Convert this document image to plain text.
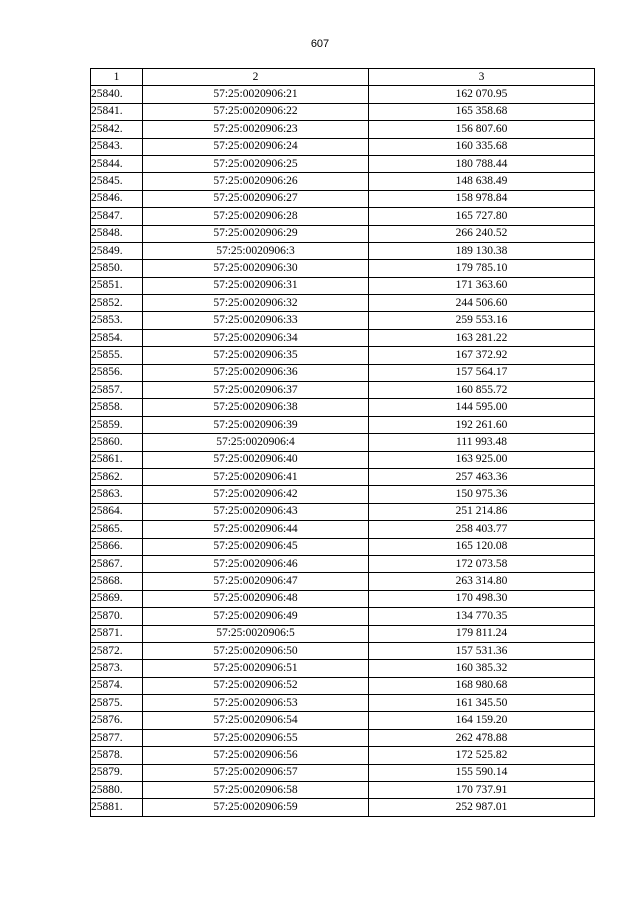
607
1	2	3
25840.	57:25:0020906:21	162 070.95
25841.	57:25:0020906:22	165 358.68
25842.	57:25:0020906:23	156 807.60
25843.	57:25:0020906:24	160 335.68
25844.	57:25:0020906:25	180 788.44
25845.	57:25:0020906:26	148 638.49
25846.	57:25:0020906:27	158 978.84
25847.	57:25:0020906:28	165 727.80
25848.	57:25:0020906:29	266 240.52
25849.	57:25:0020906:3	189 130.38
25850.	57:25:0020906:30	179 785.10
25851.	57:25:0020906:31	171 363.60
25852.	57:25:0020906:32	244 506.60
25853.	57:25:0020906:33	259 553.16
25854.	57:25:0020906:34	163 281.22
25855.	57:25:0020906:35	167 372.92
25856.	57:25:0020906:36	157 564.17
25857.	57:25:0020906:37	160 855.72
25858.	57:25:0020906:38	144 595.00
25859.	57:25:0020906:39	192 261.60
25860.	57:25:0020906:4	111 993.48
25861.	57:25:0020906:40	163 925.00
25862.	57:25:0020906:41	257 463.36
25863.	57:25:0020906:42	150 975.36
25864.	57:25:0020906:43	251 214.86
25865.	57:25:0020906:44	258 403.77
25866.	57:25:0020906:45	165 120.08
25867.	57:25:0020906:46	172 073.58
25868.	57:25:0020906:47	263 314.80
25869.	57:25:0020906:48	170 498.30
25870.	57:25:0020906:49	134 770.35
25871.	57:25:0020906:5	179 811.24
25872.	57:25:0020906:50	157 531.36
25873.	57:25:0020906:51	160 385.32
25874.	57:25:0020906:52	168 980.68
25875.	57:25:0020906:53	161 345.50
25876.	57:25:0020906:54	164 159.20
25877.	57:25:0020906:55	262 478.88
25878.	57:25:0020906:56	172 525.82
25879.	57:25:0020906:57	155 590.14
25880.	57:25:0020906:58	170 737.91
25881.	57:25:0020906:59	252 987.01
